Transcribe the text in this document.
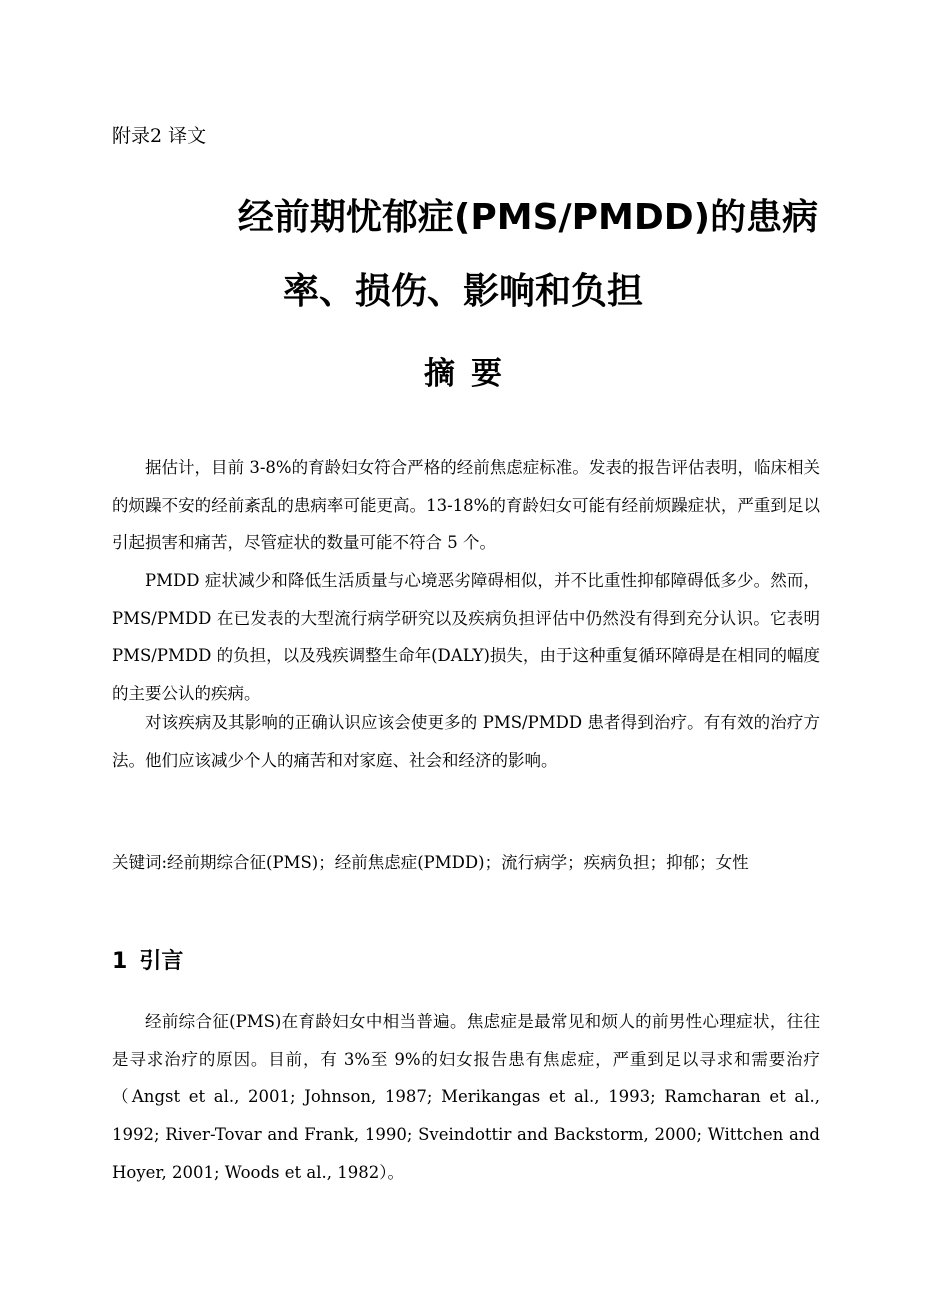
附录2 译文
经前期忧郁症(PMS/PMDD)的患病
率、损伤、影响和负担
摘要

据估计，目前 3-8%的育龄妇女符合严格的经前焦虑症标准。发表的报告评估表明，临床相关的烦躁不安的经前紊乱的患病率可能更高。13-18%的育龄妇女可能有经前烦躁症状，严重到足以引起损害和痛苦，尽管症状的数量可能不符合 5 个。

PMDD 症状减少和降低生活质量与心境恶劣障碍相似，并不比重性抑郁障碍低多少。然而，PMS/PMDD 在已发表的大型流行病学研究以及疾病负担评估中仍然没有得到充分认识。它表明 PMS/PMDD 的负担，以及残疾调整生命年(DALY)损失，由于这种重复循环障碍是在相同的幅度的主要公认的疾病。

对该疾病及其影响的正确认识应该会使更多的 PMS/PMDD 患者得到治疗。有有效的治疗方法。他们应该减少个人的痛苦和对家庭、社会和经济的影响。

关键词:经前期综合征(PMS)；经前焦虑症(PMDD)；流行病学；疾病负担；抑郁；女性
1 引言

经前综合征(PMS)在育龄妇女中相当普遍。焦虑症是最常见和烦人的前男性心理症状，往往是寻求治疗的原因。目前，有 3%至 9%的妇女报告患有焦虑症，严重到足以寻求和需要治疗（Angst et al., 2001; Johnson, 1987; Merikangas et al., 1993; Ramcharan et al., 1992; River-Tovar and Frank, 1990; Sveindottir and Backstorm, 2000; Wittchen and Hoyer, 2001; Woods et al., 1982）。
